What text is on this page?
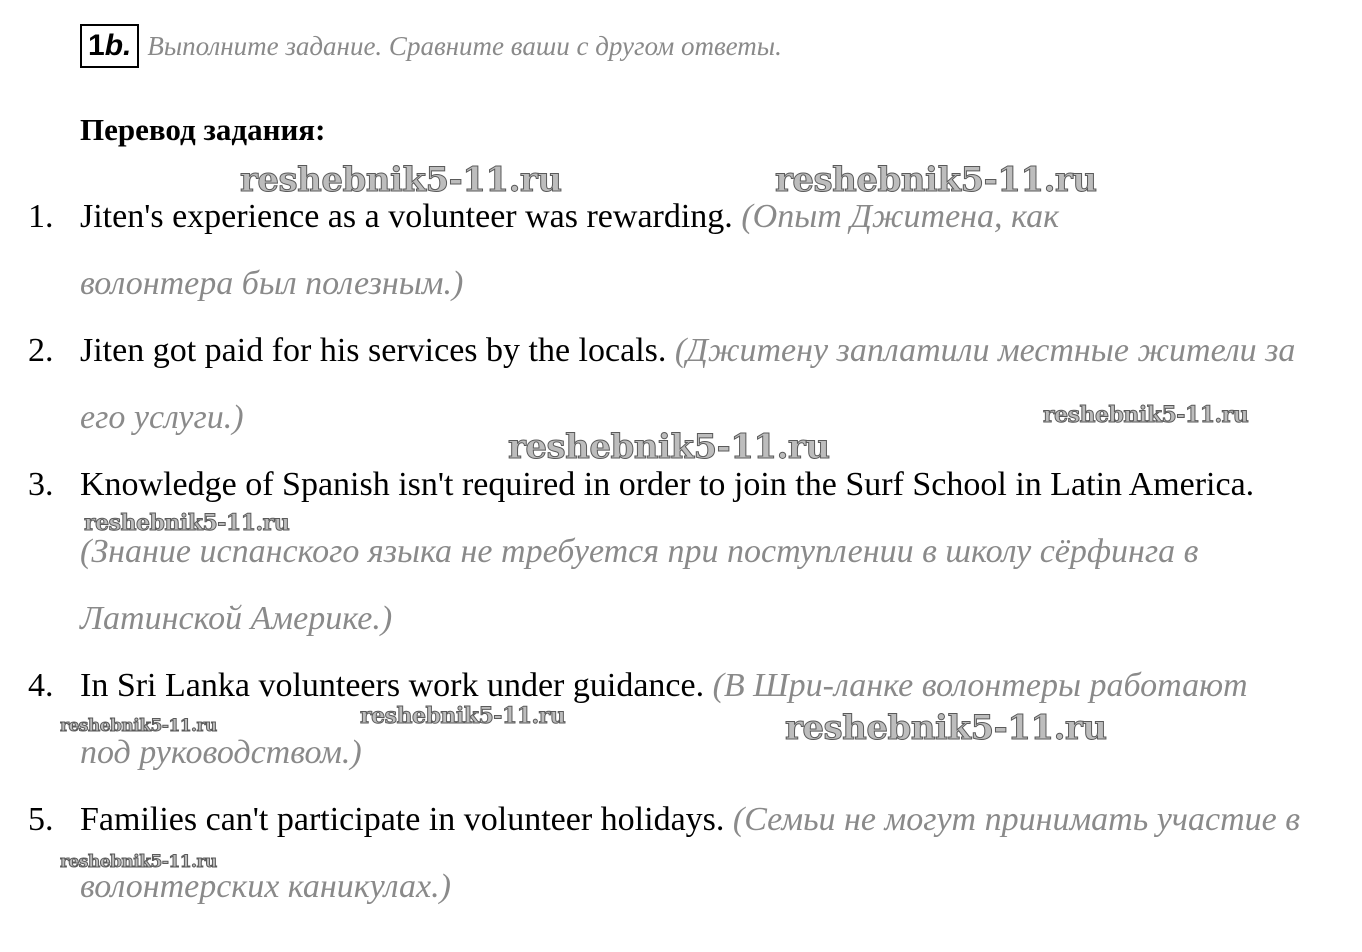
1b. Выполните задание. Сравните ваши с другом ответы.
Перевод задания:
1. Jiten's experience as a volunteer was rewarding. (Опыт Джитена, как волонтера был полезным.)
2. Jiten got paid for his services by the locals. (Джитену заплатили местные жители за его услуги.)
3. Knowledge of Spanish isn't required in order to join the Surf School in Latin America. (Знание испанского языка не требуется при поступлении в школу сёрфинга в Латинской Америке.)
4. In Sri Lanka volunteers work under guidance. (В Шри-ланке волонтеры работают под руководством.)
5. Families can't participate in volunteer holidays. (Семьи не могут принимать участие в волонтерских каникулах.)
reshebnik5-11.ru	reshebnik5-11.ru
reshebnik5-11.ru
reshebnik5-11.ru
reshebnik5-11.ru
reshebnik5-11.ru	reshebnik5-11.ru	reshebnik5-11.ru
reshebnik5-11.ru
